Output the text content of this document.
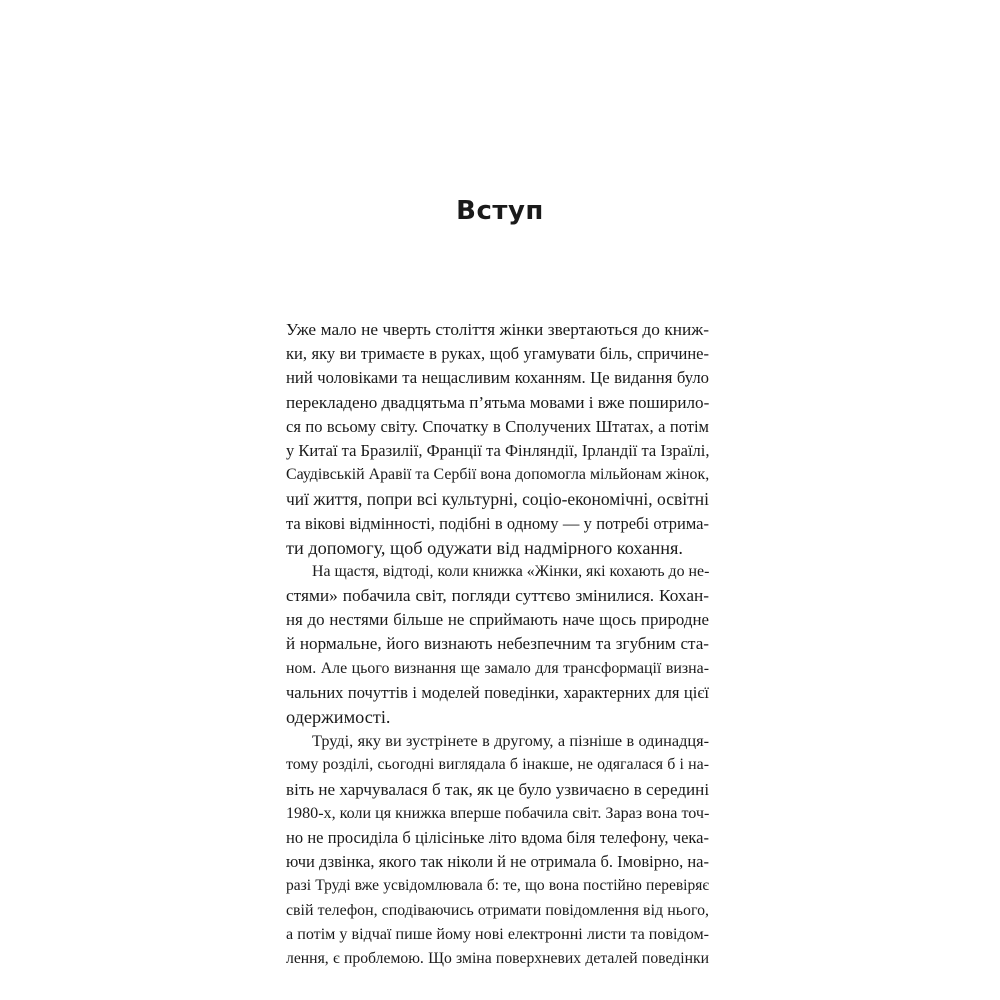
Вступ
Уже мало не чверть століття жінки звертаються до книж-
ки, яку ви тримаєте в руках, щоб угамувати біль, спричине-
ний чоловіками та нещасливим коханням. Це видання було
перекладено двадцятьма п’ятьма мовами і вже поширило-
ся по всьому світу. Спочатку в Сполучених Штатах, а потім
у Китаї та Бразилії, Франції та Фінляндії, Ірландії та Ізраїлі,
Саудівській Аравії та Сербії вона допомогла мільйонам жінок,
чиї життя, попри всі культурні, соціо-економічні, освітні
та вікові відмінності, подібні в одному — у потребі отрима-
ти допомогу, щоб одужати від надмірного кохання.
На щастя, відтоді, коли книжка «Жінки, які кохають до не-
стями» побачила світ, погляди суттєво змінилися. Кохан-
ня до нестями більше не сприймають наче щось природне
й нормальне, його визнають небезпечним та згубним ста-
ном. Але цього визнання ще замало для трансформації визна-
чальних почуттів і моделей поведінки, характерних для цієї
одержимості.
Труді, яку ви зустрінете в другому, а пізніше в одинадця-
тому розділі, сьогодні виглядала б інакше, не одягалася б і на-
віть не харчувалася б так, як це було узвичаєно в середині
1980-х, коли ця книжка вперше побачила світ. Зараз вона точ-
но не просиділа б цілісіньке літо вдома біля телефону, чека-
ючи дзвінка, якого так ніколи й не отримала б. Імовірно, на-
разі Труді вже усвідомлювала б: те, що вона постійно перевіряє
свій телефон, сподіваючись отримати повідомлення від нього,
а потім у відчаї пише йому нові електронні листи та повідом-
лення, є проблемою. Що зміна поверхневих деталей поведінки
